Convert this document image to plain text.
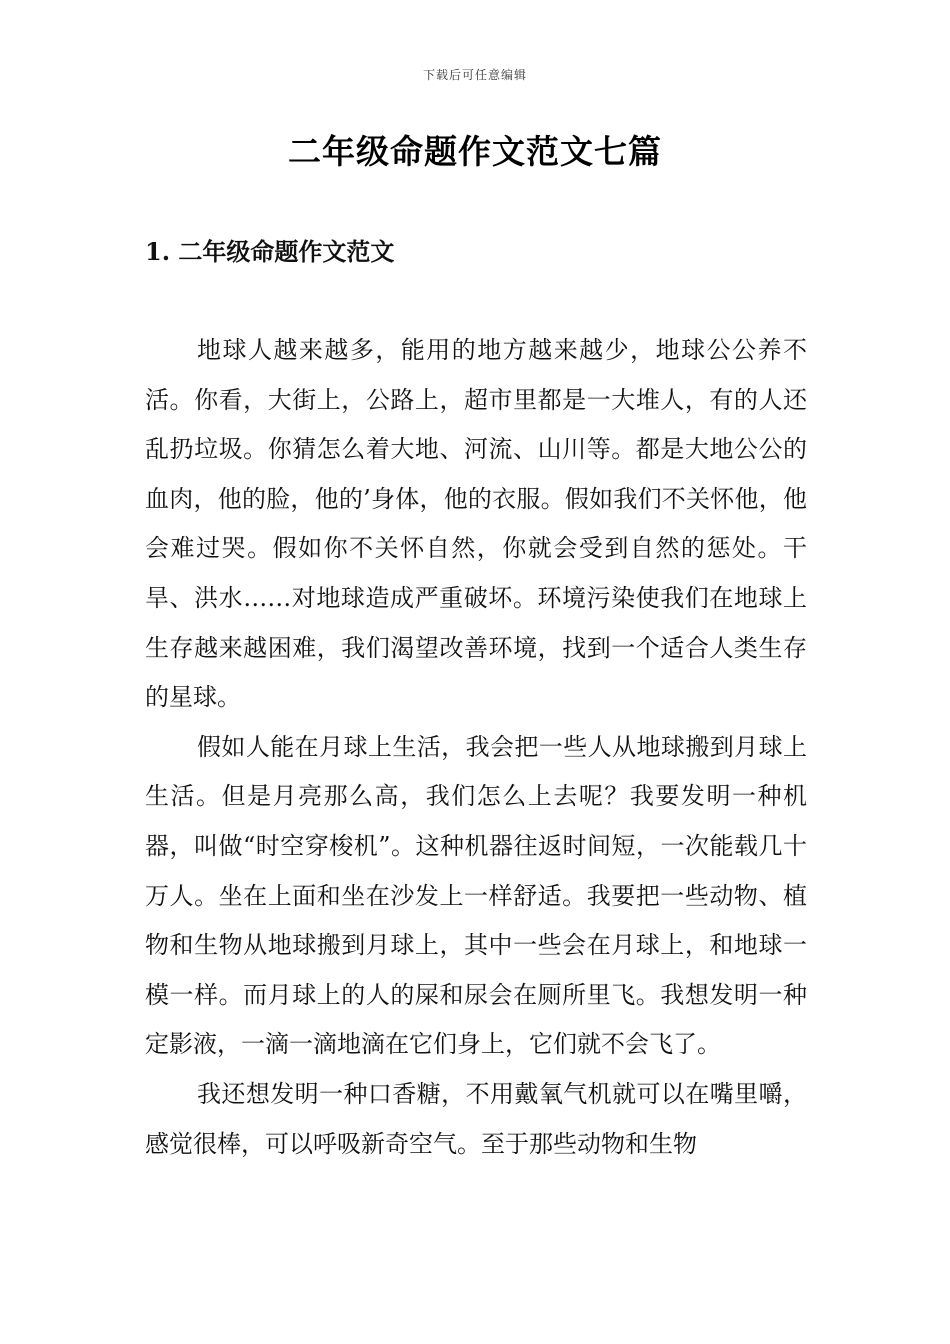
下载后可任意编辑
二年级命题作文范文七篇
1. 二年级命题作文范文

地球人越来越多，能用的地方越来越少，地球公公养不活。你看，大街上，公路上，超市里都是一大堆人，有的人还乱扔垃圾。你猜怎么着大地、河流、山川等。都是大地公公的血肉，他的脸，他的’身体，他的衣服。假如我们不关怀他，他会难过哭。假如你不关怀自然，你就会受到自然的惩处。干旱、洪水……对地球造成严重破坏。环境污染使我们在地球上生存越来越困难，我们渴望改善环境，找到一个适合人类生存的星球。

假如人能在月球上生活，我会把一些人从地球搬到月球上生活。但是月亮那么高，我们怎么上去呢？我要发明一种机器，叫做“时空穿梭机”。这种机器往返时间短，一次能载几十万人。坐在上面和坐在沙发上一样舒适。我要把一些动物、植物和生物从地球搬到月球上，其中一些会在月球上，和地球一模一样。而月球上的人的屎和尿会在厕所里飞。我想发明一种定影液，一滴一滴地滴在它们身上，它们就不会飞了。

我还想发明一种口香糖，不用戴氧气机就可以在嘴里嚼，感觉很棒，可以呼吸新奇空气。至于那些动物和生物
